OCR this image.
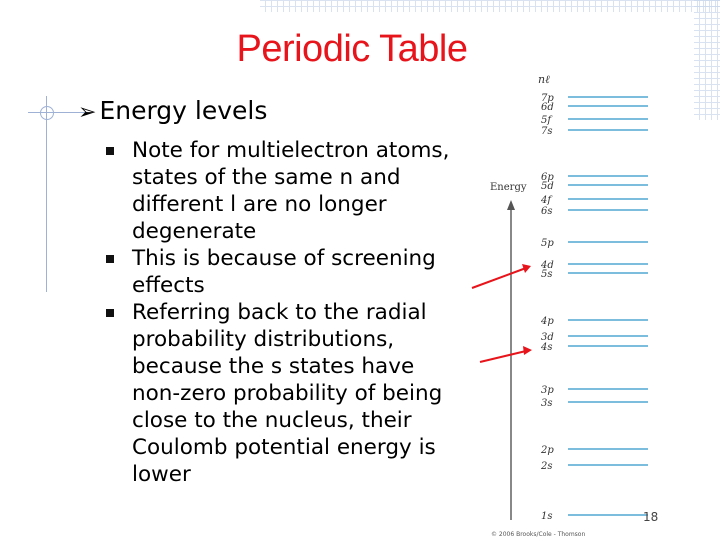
Periodic Table
➢ Energy levels
Note for multielectron atoms, states of the same n and different l are no longer degenerate
This is because of screening effects
Referring back to the radial probability distributions, because the s states have non-zero probability of being close to the nucleus, their Coulomb potential energy is lower
Energy
nℓ
7p
6d
5f
7s
6p
5d
4f
6s
5p
4d
5s
4p
3d
4s
3p
3s
2p
2s
1s
© 2006 Brooks/Cole - Thomson
18
